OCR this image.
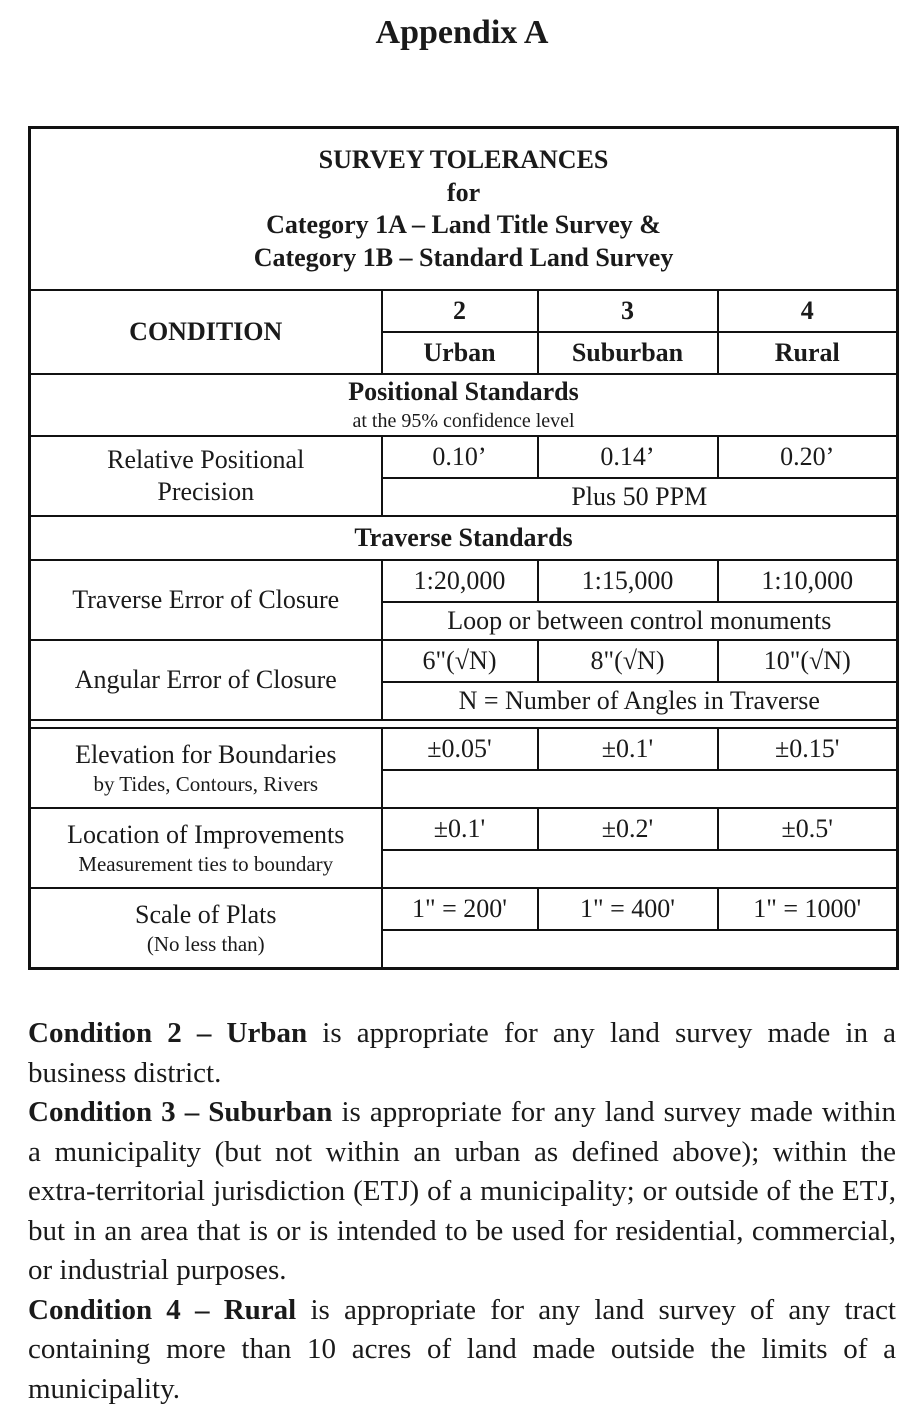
Appendix A
SURVEY TOLERANCES
for
Category 1A – Land Title Survey &
Category 1B – Standard Land Survey			

CONDITION	2	3	4
	Urban	Suburban	Rural
Positional Standards
at the 95% confidence level			

Relative Positional
Precision	0.10’	0.14’	0.20’
	Plus 50 PPM		
Traverse Standards			
Traverse Error of Closure	1:20,000	1:15,000	1:10,000
	Loop or between control monuments		
Angular Error of Closure	6"(√N)	8"(√N)	10"(√N)
	N = Number of Angles in Traverse		

Elevation for Boundaries
by Tides, Contours, Rivers	±0.05'	±0.1'	±0.15'

Location of Improvements
Measurement ties to boundary	±0.1'	±0.2'	±0.5'

Scale of Plats
(No less than)	1" = 200'	1" = 400'	1" = 1000'

Condition 2 – Urban is appropriate for any land survey made in a business district.

Condition 3 – Suburban is appropriate for any land survey made within a municipality (but not within an urban as defined above); within the extra-territorial jurisdiction (ETJ) of a municipality; or outside of the ETJ, but in an area that is or is intended to be used for residential, commercial, or industrial purposes.

Condition 4 – Rural is appropriate for any land survey of any tract containing more than 10 acres of land made outside the limits of a municipality.
